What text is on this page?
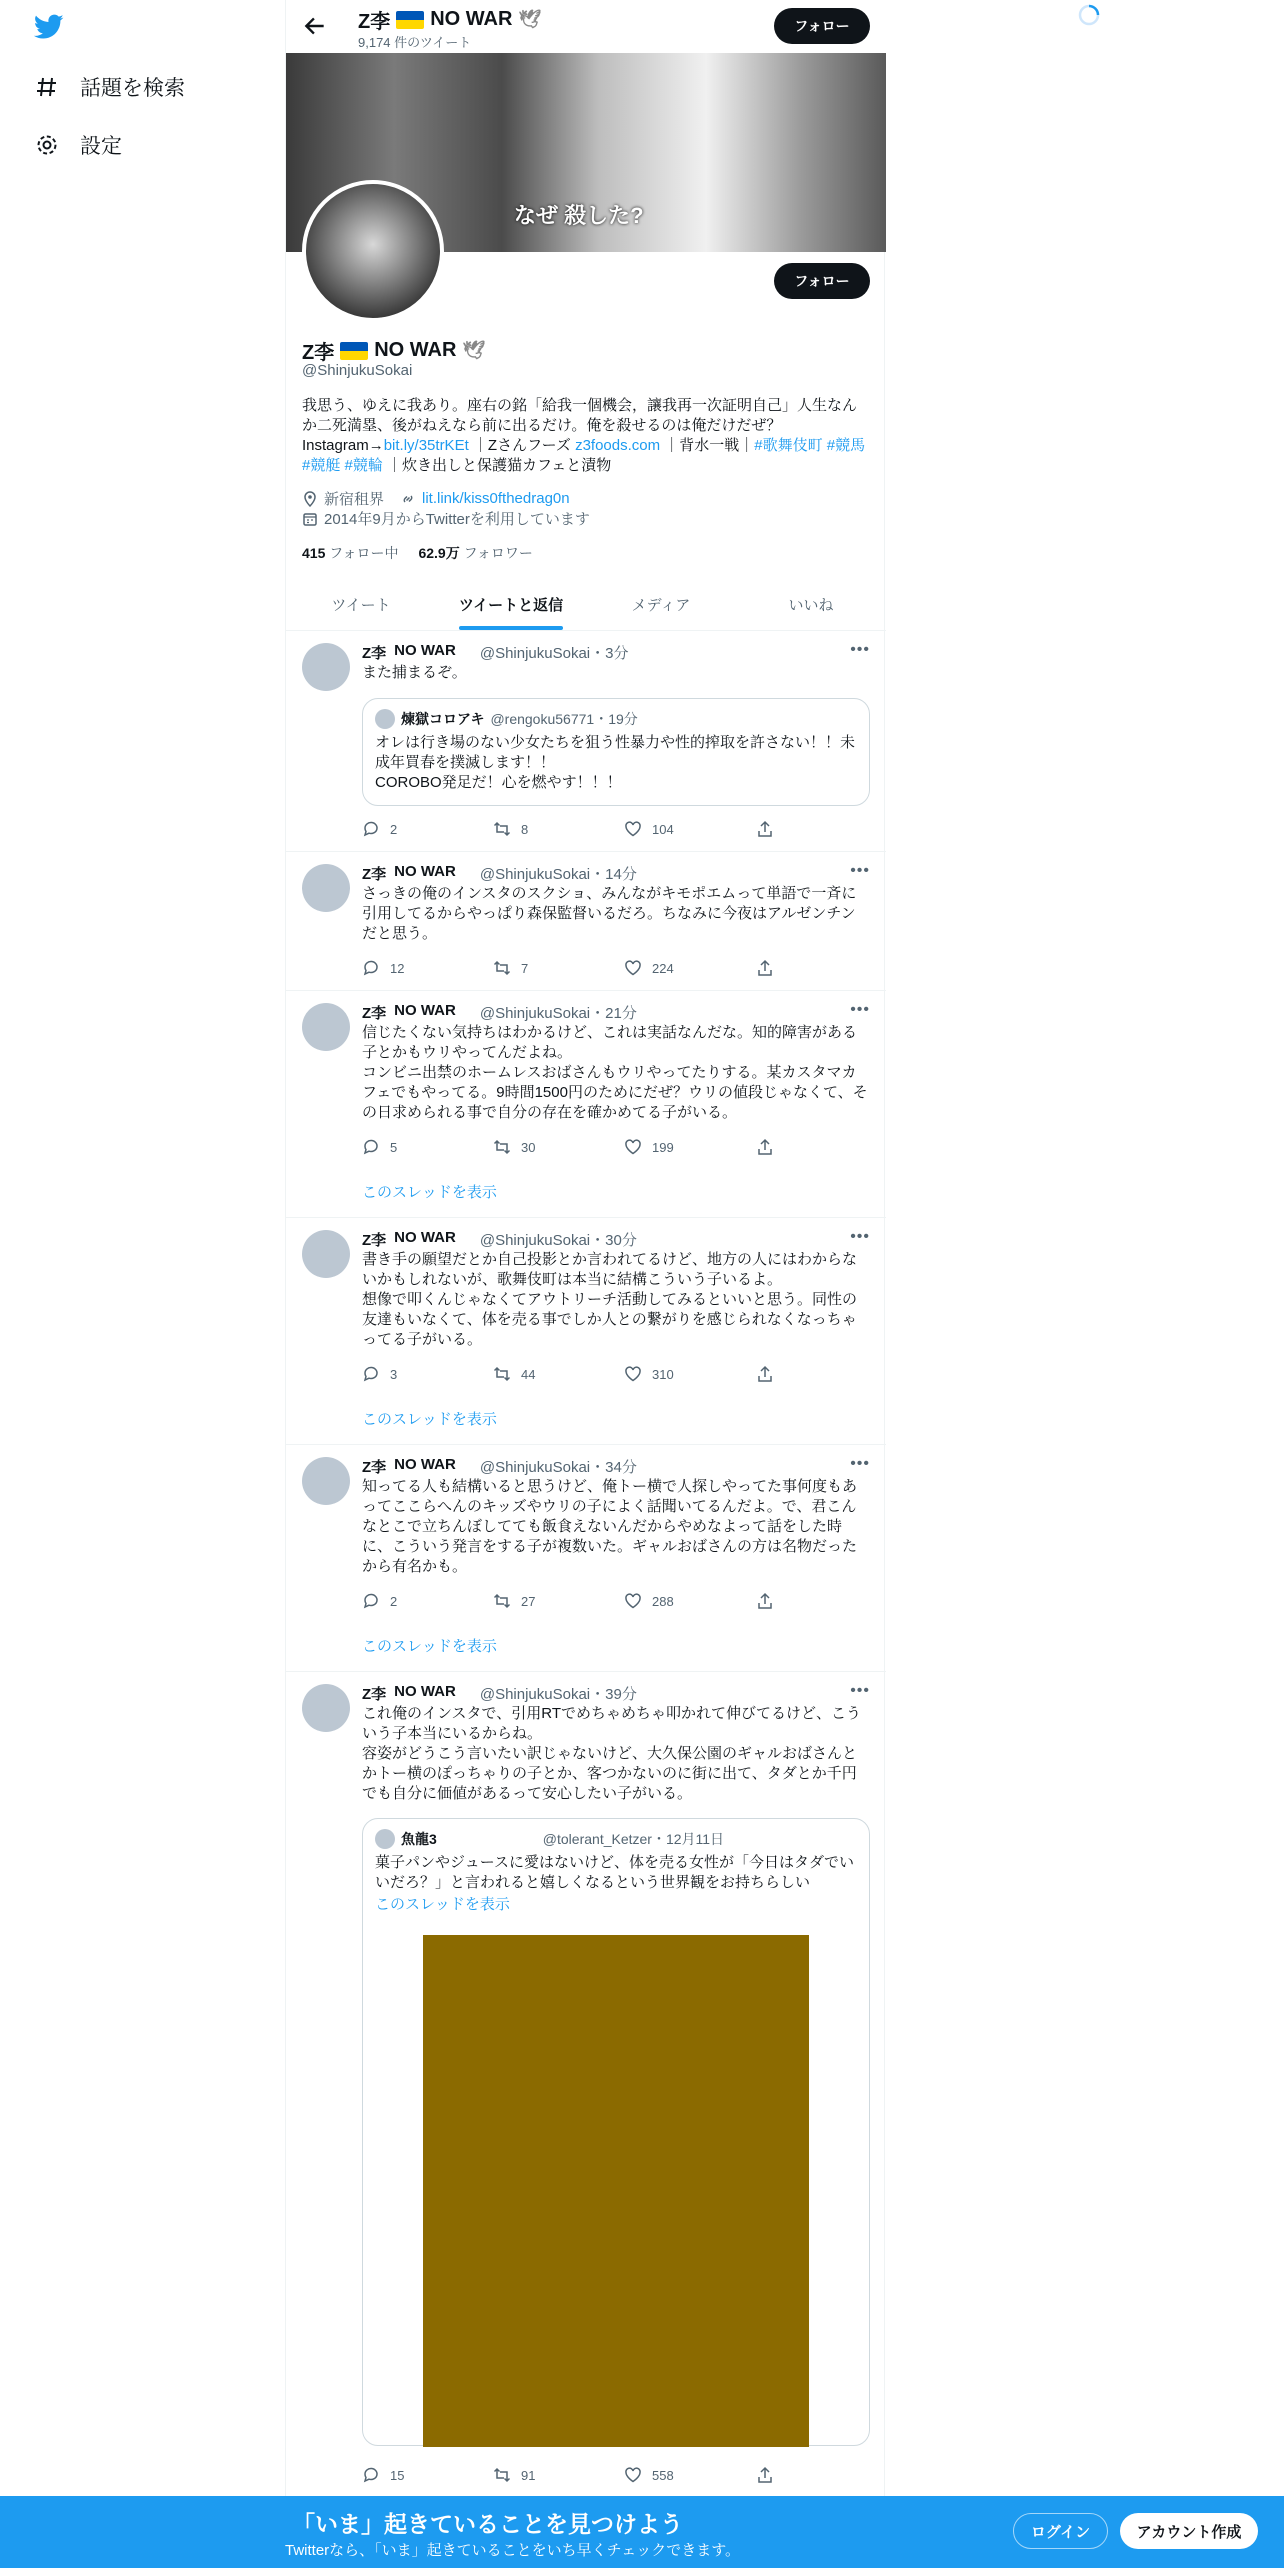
話題を検索
設定
Z李 NO WAR 🕊
9,174 件のツイート
フォロー
なぜ 殺した?
フォロー
Z李 NO WAR 🕊
@ShinjukuSokai
我思う、ゆえに我あり。座右の銘「給我一個機会，讓我再一次証明自己」人生なんか二死満塁、後がねえなら前に出るだけ。俺を殺せるのは俺だけだぜ？
Instagram→bit.ly/35trKEt ｜Zさんフーズ z3foods.com ｜背水一戦｜#歌舞伎町 #競馬 #競艇 #競輪 ｜炊き出しと保護猫カフェと漬物
新宿租界	lit.link/kiss0fthedrag0n
2014年9月からTwitterを利用しています
415 フォロー中 62.9万 フォロワー
ツイート	ツイートと返信	メディア	いいね
Z李 NO WAR @ShinjukuSokai・3分	•••
また捕まるぞ。
煉獄コロアキ @rengoku56771・19分
オレは行き場のない少女たちを狙う性暴力や性的搾取を許さない！！未成年買春を撲滅します！！
COROBO発足だ！心を燃やす！！！
2	8	104
Z李 NO WAR @ShinjukuSokai・14分	•••
さっきの俺のインスタのスクショ、みんながキモポエムって単語で一斉に引用してるからやっぱり森保監督いるだろ。ちなみに今夜はアルゼンチンだと思う。
12	7	224
Z李 NO WAR @ShinjukuSokai・21分	•••
信じたくない気持ちはわかるけど、これは実話なんだな。知的障害がある子とかもウリやってんだよね。
コンビニ出禁のホームレスおばさんもウリやってたりする。某カスタマカフェでもやってる。9時間1500円のためにだぜ？ウリの値段じゃなくて、その日求められる事で自分の存在を確かめてる子がいる。
5	30	199
このスレッドを表示
Z李 NO WAR @ShinjukuSokai・30分	•••
書き手の願望だとか自己投影とか言われてるけど、地方の人にはわからないかもしれないが、歌舞伎町は本当に結構こういう子いるよ。
想像で叩くんじゃなくてアウトリーチ活動してみるといいと思う。同性の友達もいなくて、体を売る事でしか人との繋がりを感じられなくなっちゃってる子がいる。
3	44	310
このスレッドを表示
Z李 NO WAR @ShinjukuSokai・34分	•••
知ってる人も結構いると思うけど、俺トー横で人探しやってた事何度もあってここらへんのキッズやウリの子によく話聞いてるんだよ。で、君こんなとこで立ちんぼしてても飯食えないんだからやめなよって話をした時に、こういう発言をする子が複数いた。ギャルおばさんの方は名物だったから有名かも。
2	27	288
このスレッドを表示
Z李 NO WAR @ShinjukuSokai・39分	•••
これ俺のインスタで、引用RTでめちゃめちゃ叩かれて伸びてるけど、こういう子本当にいるからね。
容姿がどうこう言いたい訳じゃないけど、大久保公園のギャルおばさんとかトー横のぽっちゃりの子とか、客つかないのに街に出て、タダとか千円でも自分に価値があるって安心したい子がいる。
魚龍3	@tolerant_Ketzer・12月11日
菓子パンやジュースに愛はないけど、体を売る女性が「今日はタダでいいだろ？」と言われると嬉しくなるという世界観をお持ちらしい
このスレッドを表示
15	91	558
「いま」起きていることを見つけよう
Twitterなら、「いま」起きていることをいち早くチェックできます。
ログイン	アカウント作成
